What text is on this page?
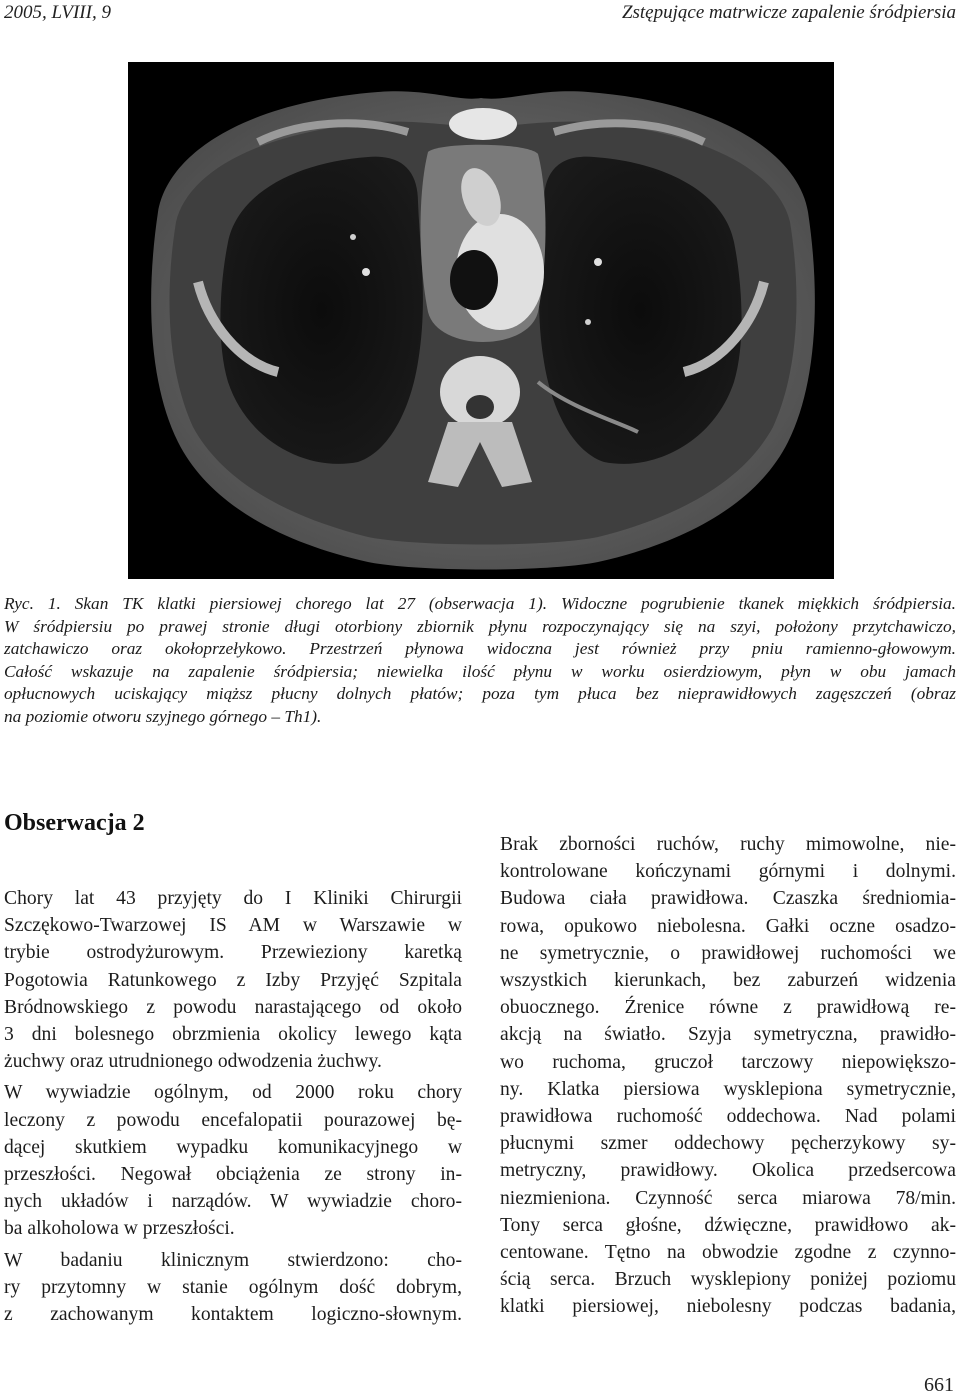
2005, LVIII, 9	Zstępujące matrwicze zapalenie śródpiersia
Ryc. 1. Skan TK klatki piersiowej chorego lat 27 (obserwacja 1). Widoczne pogrubienie tkanek miękkich śródpiersia.
W śródpiersiu po prawej stronie długi otorbiony zbiornik płynu rozpoczynający się na szyi, położony przytchawiczo,
zatchawiczo oraz okołoprzełykowo. Przestrzeń płynowa widoczna jest również przy pniu ramienno-głowowym.
Całość wskazuje na zapalenie śródpiersia; niewielka ilość płynu w worku osierdziowym, płyn w obu jamach
opłucnowych uciskający miąższ płucny dolnych płatów; poza tym płuca bez nieprawidłowych zagęszczeń (obraz
na poziomie otworu szyjnego górnego – Th1).
Obserwacja 2
Chory lat 43 przyjęty do I Kliniki Chirurgii
Szczękowo-Twarzowej IS AM w Warszawie w
trybie ostrodyżurowym. Przewieziony karetką
Pogotowia Ratunkowego z Izby Przyjęć Szpitala
Bródnowskiego z powodu narastającego od około
3 dni bolesnego obrzmienia okolicy lewego kąta
żuchwy oraz utrudnionego odwodzenia żuchwy.
W wywiadzie ogólnym, od 2000 roku chory
leczony z powodu encefalopatii pourazowej bę-
dącej skutkiem wypadku komunikacyjnego w
przeszłości. Negował obciążenia ze strony in-
nych układów i narządów. W wywiadzie choro-
ba alkoholowa w przeszłości.
W badaniu klinicznym stwierdzono: cho-
ry przytomny w stanie ogólnym dość dobrym,
z zachowanym kontaktem logiczno-słownym.
Brak zborności ruchów, ruchy mimowolne, nie-
kontrolowane kończynami górnymi i dolnymi.
Budowa ciała prawidłowa. Czaszka średniomia-
rowa, opukowo niebolesna. Gałki oczne osadzo-
ne symetrycznie, o prawidłowej ruchomości we
wszystkich kierunkach, bez zaburzeń widzenia
obuocznego. Źrenice równe z prawidłową re-
akcją na światło. Szyja symetryczna, prawidło-
wo ruchoma, gruczoł tarczowy niepowiększo-
ny. Klatka piersiowa wysklepiona symetrycznie,
prawidłowa ruchomość oddechowa. Nad polami
płucnymi szmer oddechowy pęcherzykowy sy-
metryczny, prawidłowy. Okolica przedsercowa
niezmieniona. Czynność serca miarowa 78/min.
Tony serca głośne, dźwięczne, prawidłowo ak-
centowane. Tętno na obwodzie zgodne z czynno-
ścią serca. Brzuch wysklepiony poniżej poziomu
klatki piersiowej, niebolesny podczas badania,
661
